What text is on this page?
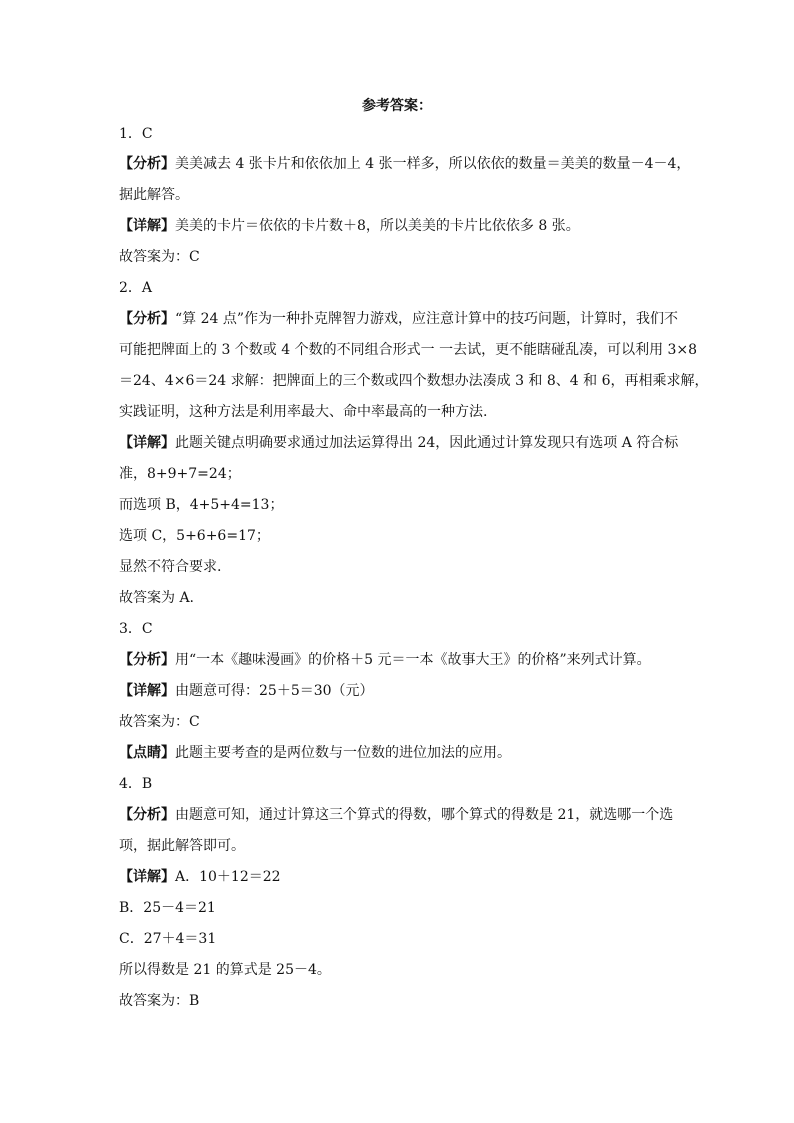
参考答案：
1．C
【分析】美美减去 4 张卡片和依依加上 4 张一样多，所以依依的数量＝美美的数量－4－4，
据此解答。
【详解】美美的卡片＝依依的卡片数＋8，所以美美的卡片比依依多 8 张。
故答案为：C
2．A
【分析】“算 24 点”作为一种扑克牌智力游戏，应注意计算中的技巧问题，计算时，我们不
可能把牌面上的 3 个数或 4 个数的不同组合形式一 一去试，更不能瞎碰乱凑，可以利用 3×8
＝24、4×6＝24 求解：把牌面上的三个数或四个数想办法凑成 3 和 8、4 和 6，再相乘求解，
实践证明，这种方法是利用率最大、命中率最高的一种方法.
【详解】此题关键点明确要求通过加法运算得出 24，因此通过计算发现只有选项 A 符合标
准，8+9+7=24；
而选项 B，4+5+4=13；
选项 C，5+6+6=17；
显然不符合要求.
故答案为 A.
3．C
【分析】用“一本《趣味漫画》的价格＋5 元＝一本《故事大王》的价格”来列式计算。
【详解】由题意可得：25＋5＝30（元）
故答案为：C
【点睛】此题主要考查的是两位数与一位数的进位加法的应用。
4．B
【分析】由题意可知，通过计算这三个算式的得数，哪个算式的得数是 21，就选哪一个选
项，据此解答即可。
【详解】A．10＋12＝22
B．25－4＝21
C．27＋4＝31
所以得数是 21 的算式是 25－4。
故答案为：B
